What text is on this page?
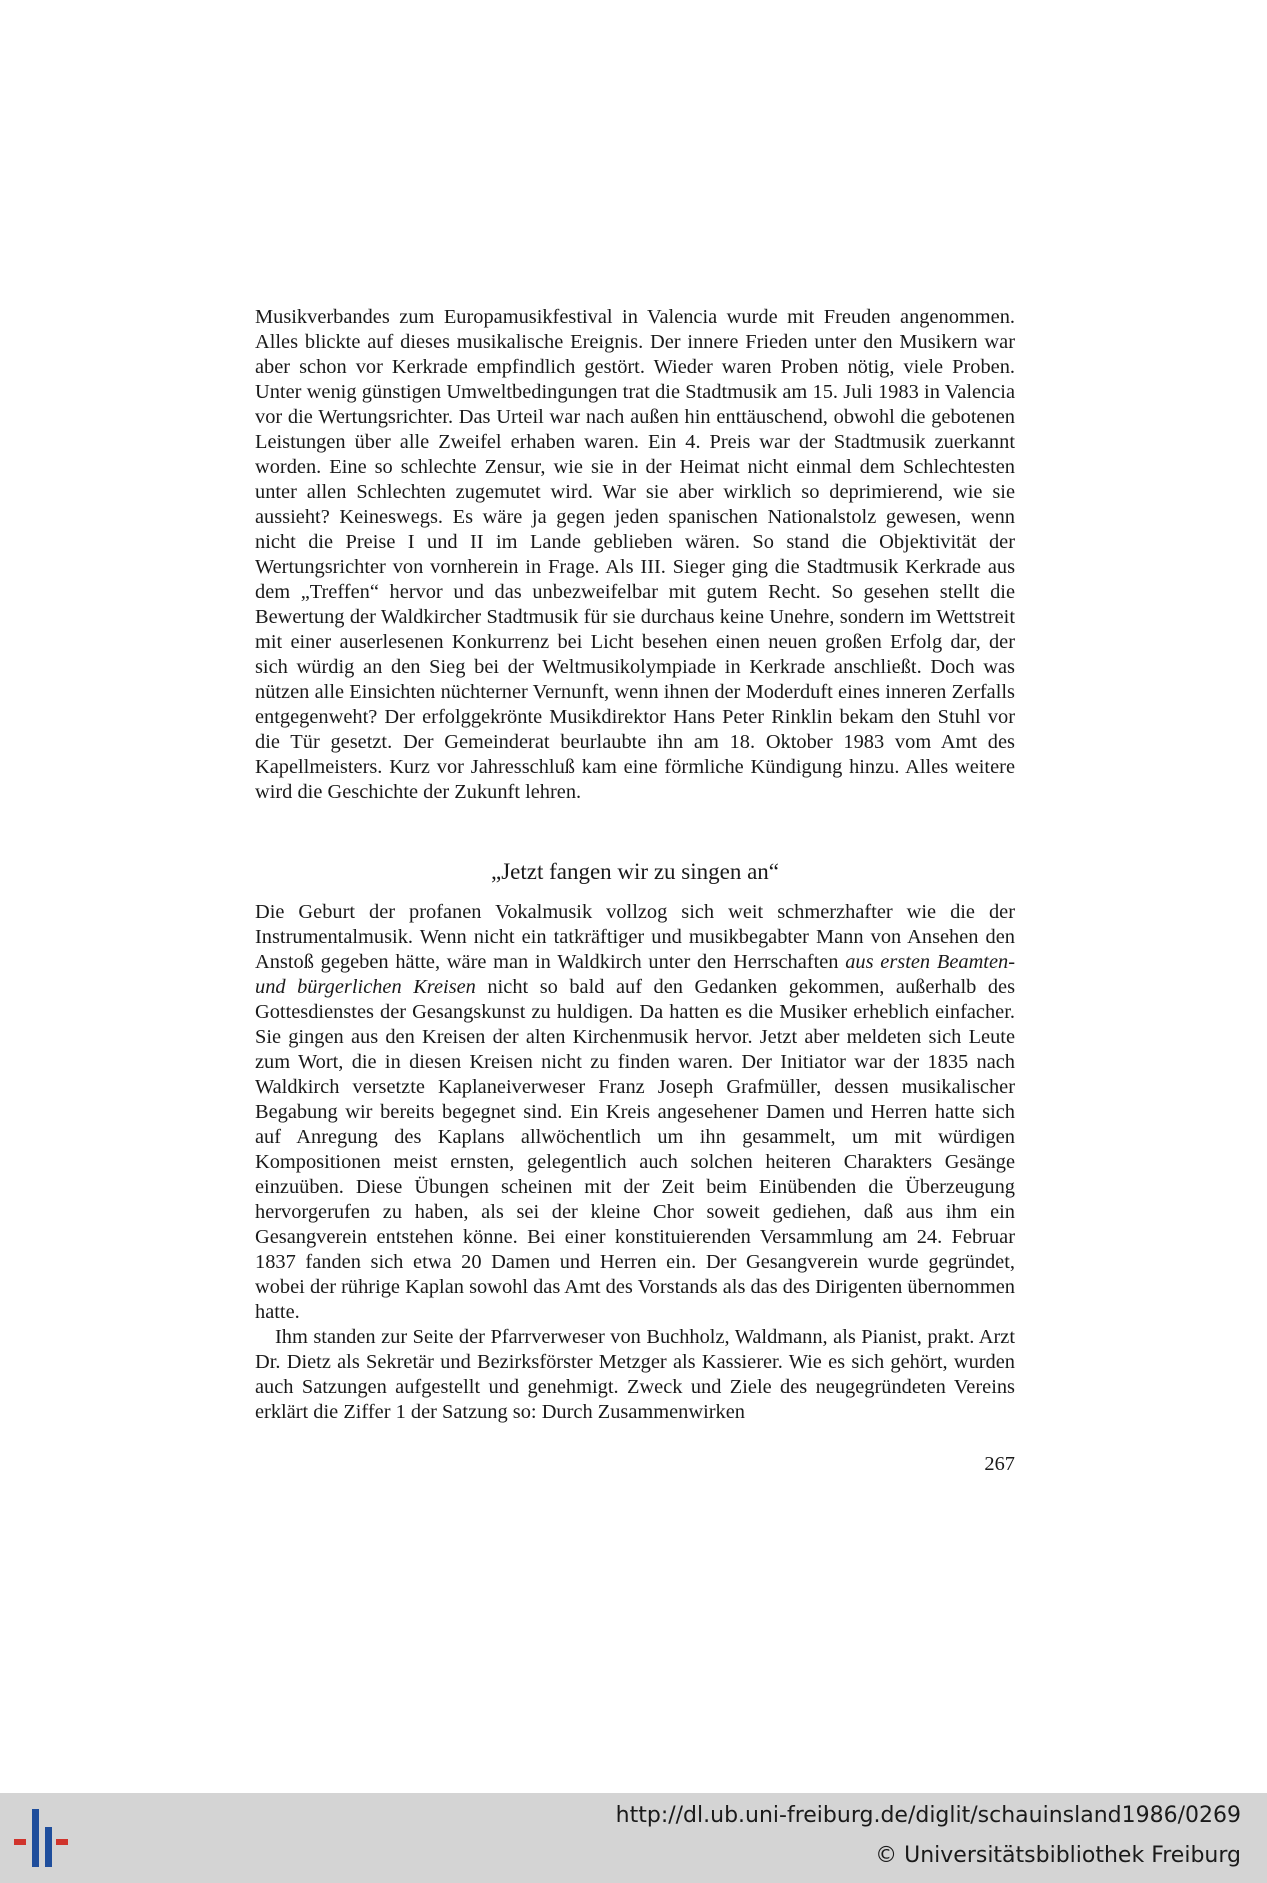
Musikverbandes zum Europamusikfestival in Valencia wurde mit Freuden angenommen. Alles blickte auf dieses musikalische Ereignis. Der innere Frieden unter den Musikern war aber schon vor Kerkrade empfindlich gestört. Wieder waren Proben nötig, viele Proben. Unter wenig günstigen Umweltbedingungen trat die Stadtmusik am 15. Juli 1983 in Valencia vor die Wertungsrichter. Das Urteil war nach außen hin enttäuschend, obwohl die gebotenen Leistungen über alle Zweifel erhaben waren. Ein 4. Preis war der Stadtmusik zuerkannt worden. Eine so schlechte Zensur, wie sie in der Heimat nicht einmal dem Schlechtesten unter allen Schlechten zugemutet wird. War sie aber wirklich so deprimierend, wie sie aussieht? Keineswegs. Es wäre ja gegen jeden spanischen Nationalstolz gewesen, wenn nicht die Preise I und II im Lande geblieben wären. So stand die Objektivität der Wertungsrichter von vornherein in Frage. Als III. Sieger ging die Stadtmusik Kerkrade aus dem „Treffen“ hervor und das unbezweifelbar mit gutem Recht. So gesehen stellt die Bewertung der Waldkircher Stadtmusik für sie durchaus keine Unehre, sondern im Wettstreit mit einer auserlesenen Konkurrenz bei Licht besehen einen neuen großen Erfolg dar, der sich würdig an den Sieg bei der Weltmusikolympiade in Kerkrade anschließt. Doch was nützen alle Einsichten nüchterner Vernunft, wenn ihnen der Moderduft eines inneren Zerfalls entgegenweht? Der erfolggekrönte Musikdirektor Hans Peter Rinklin bekam den Stuhl vor die Tür gesetzt. Der Gemeinderat beurlaubte ihn am 18. Oktober 1983 vom Amt des Kapellmeisters. Kurz vor Jahresschluß kam eine förmliche Kündigung hinzu. Alles weitere wird die Geschichte der Zukunft lehren.

„Jetzt fangen wir zu singen an“

Die Geburt der profanen Vokalmusik vollzog sich weit schmerzhafter wie die der Instrumentalmusik. Wenn nicht ein tatkräftiger und musikbegabter Mann von Ansehen den Anstoß gegeben hätte, wäre man in Waldkirch unter den Herrschaften aus ersten Beamten- und bürgerlichen Kreisen nicht so bald auf den Gedanken gekommen, außerhalb des Gottesdienstes der Gesangskunst zu huldigen. Da hatten es die Musiker erheblich einfacher. Sie gingen aus den Kreisen der alten Kirchenmusik hervor. Jetzt aber meldeten sich Leute zum Wort, die in diesen Kreisen nicht zu finden waren. Der Initiator war der 1835 nach Waldkirch versetzte Kaplaneiverweser Franz Joseph Grafmüller, dessen musikalischer Begabung wir bereits begegnet sind. Ein Kreis angesehener Damen und Herren hatte sich auf Anregung des Kaplans allwöchentlich um ihn gesammelt, um mit würdigen Kompositionen meist ernsten, gelegentlich auch solchen heiteren Charakters Gesänge einzuüben. Diese Übungen scheinen mit der Zeit beim Einübenden die Überzeugung hervorgerufen zu haben, als sei der kleine Chor soweit gediehen, daß aus ihm ein Gesangverein entstehen könne. Bei einer konstituierenden Versammlung am 24. Februar 1837 fanden sich etwa 20 Damen und Herren ein. Der Gesangverein wurde gegründet, wobei der rührige Kaplan sowohl das Amt des Vorstands als das des Dirigenten übernommen hatte.

Ihm standen zur Seite der Pfarrverweser von Buchholz, Waldmann, als Pianist, prakt. Arzt Dr. Dietz als Sekretär und Bezirksförster Metzger als Kassierer. Wie es sich gehört, wurden auch Satzungen aufgestellt und genehmigt. Zweck und Ziele des neugegründeten Vereins erklärt die Ziffer 1 der Satzung so: Durch Zusammenwirken

267
http://dl.ub.uni-freiburg.de/diglit/schauinsland1986/0269
© Universitätsbibliothek Freiburg
